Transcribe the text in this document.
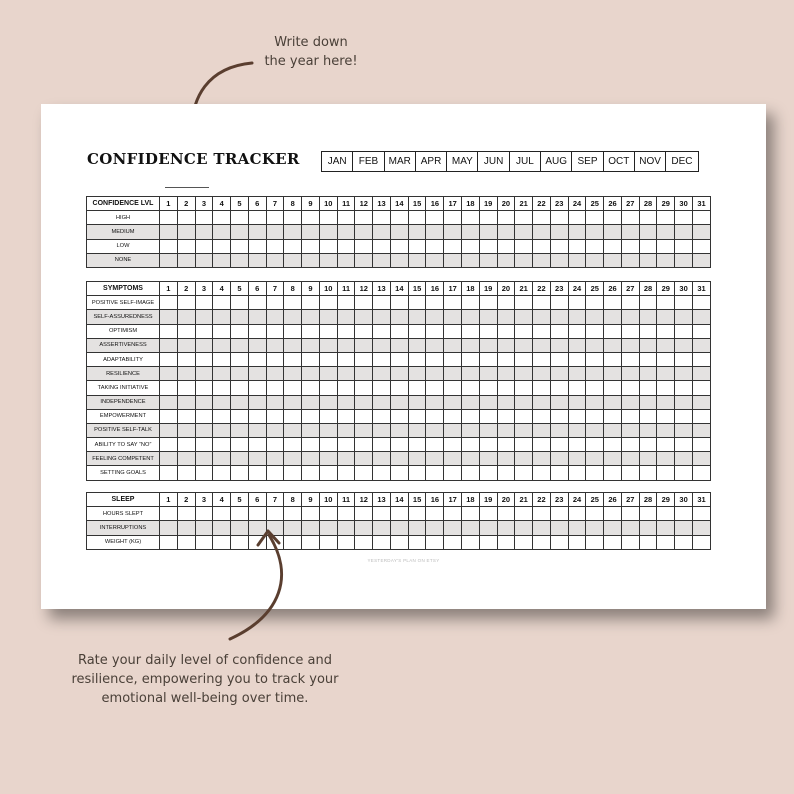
Write down
the year here!
CONFIDENCE TRACKER	JAN	FEB	MAR APR	MAY	JUN	JUL	AUG	SEP	OCT NOV	DEC
CONFIDENCE LVL	1	2	3	4	5	6	7	8	9	10	11	12	13	14	15	16	17	18	19	20	21	22	23	24	25	26	27	28	29	30	31
HIGH																															
MEDIUM																															
LOW																															
NONE																															
SYMPTOMS	1	2	3	4	5	6	7	8	9	10	11	12	13	14	15	16	17	18	19	20	21	22	23	24	25	26	27	28	29	30	31
POSITIVE SELF-IMAGE																															
SELF-ASSUREDNESS																															
OPTIMISM																															
ASSERTIVENESS																															
ADAPTABILITY																															
RESILIENCE																															
TAKING INITIATIVE																															
INDEPENDENCE																															
EMPOWERMENT																															
POSITIVE SELF-TALK																															
ABILITY TO SAY “NO”																															
FEELING COMPETENT																															
SETTING GOALS																															
SLEEP	1	2	3	4	5	6	7	8	9	10	11	12	13	14	15	16	17	18	19	20	21	22	23	24	25	26	27	28	29	30	31
HOURS SLEPT																															
INTERRUPTIONS																															
WEIGHT (KG)																															
YESTERDAY'S PLAN ON ETSY
Rate your daily level of confidence and
resilience, empowering you to track your
emotional well-being over time.
